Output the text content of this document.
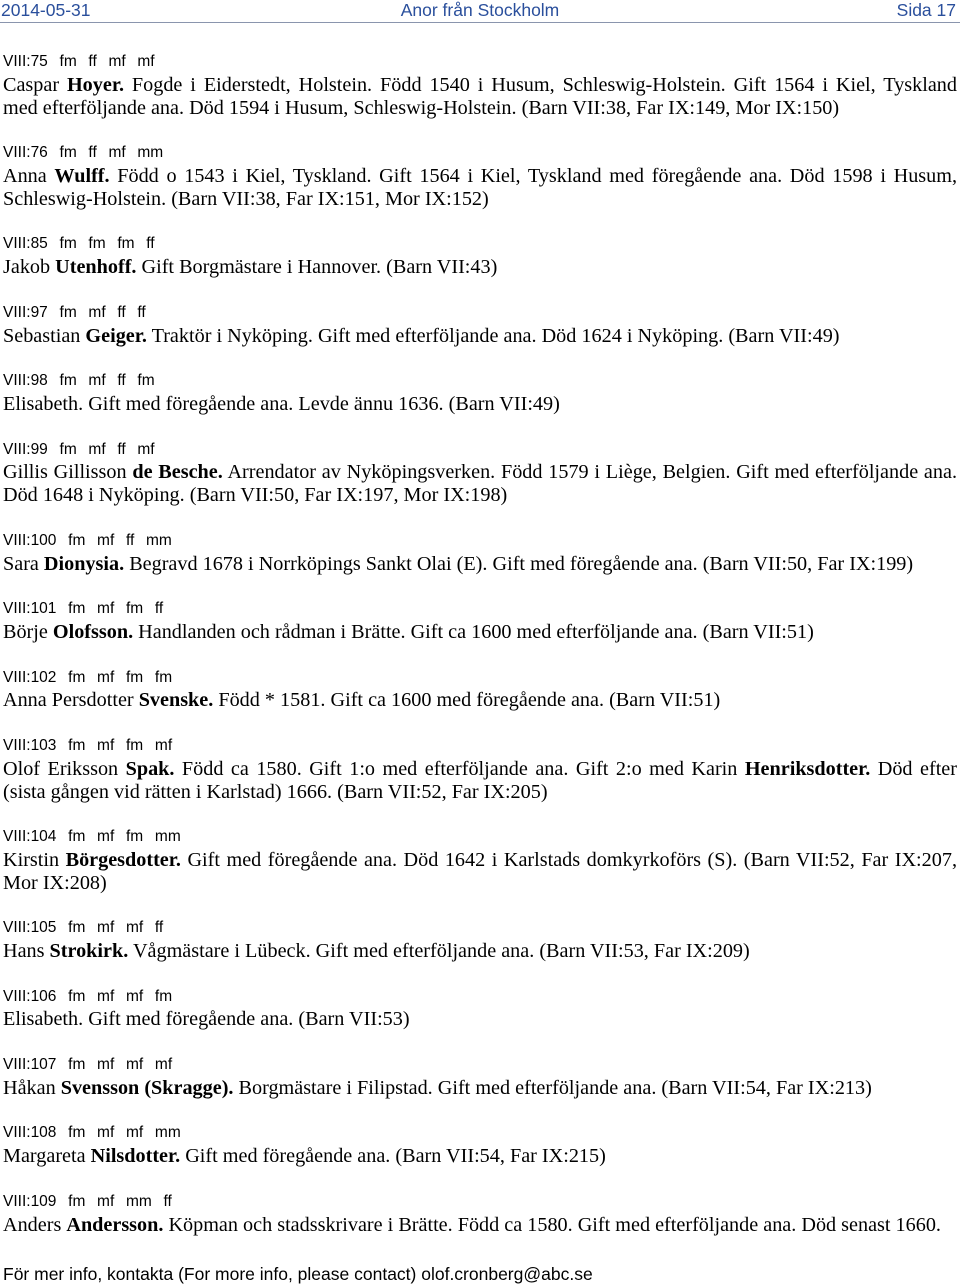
2014-05-31	Anor från Stockholm	Sida 17
VIII:75 fm ff mf mf
Caspar Hoyer. Fogde i Eiderstedt, Holstein. Född 1540 i Husum, Schleswig-Holstein. Gift 1564 i Kiel, Tyskland
med efterföljande ana. Död 1594 i Husum, Schleswig-Holstein. (Barn VII:38, Far IX:149, Mor IX:150)
VIII:76 fm ff mf mm
Anna Wulff. Född o 1543 i Kiel, Tyskland. Gift 1564 i Kiel, Tyskland med föregående ana. Död 1598 i Husum,
Schleswig-Holstein. (Barn VII:38, Far IX:151, Mor IX:152)
VIII:85 fm fm fm ff
Jakob Utenhoff. Gift Borgmästare i Hannover. (Barn VII:43)
VIII:97 fm mf ff ff
Sebastian Geiger. Traktör i Nyköping. Gift med efterföljande ana. Död 1624 i Nyköping. (Barn VII:49)
VIII:98 fm mf ff fm
Elisabeth. Gift med föregående ana. Levde ännu 1636. (Barn VII:49)
VIII:99 fm mf ff mf
Gillis Gillisson de Besche. Arrendator av Nyköpingsverken. Född 1579 i Liège, Belgien. Gift med efterföljande ana.
Död 1648 i Nyköping. (Barn VII:50, Far IX:197, Mor IX:198)
VIII:100 fm mf ff mm
Sara Dionysia. Begravd 1678 i Norrköpings Sankt Olai (E). Gift med föregående ana. (Barn VII:50, Far IX:199)
VIII:101 fm mf fm ff
Börje Olofsson. Handlanden och rådman i Brätte. Gift ca 1600 med efterföljande ana. (Barn VII:51)
VIII:102 fm mf fm fm
Anna Persdotter Svenske. Född * 1581. Gift ca 1600 med föregående ana. (Barn VII:51)
VIII:103 fm mf fm mf
Olof Eriksson Spak. Född ca 1580. Gift 1:o med efterföljande ana. Gift 2:o med Karin Henriksdotter. Död efter
(sista gången vid rätten i Karlstad) 1666. (Barn VII:52, Far IX:205)
VIII:104 fm mf fm mm
Kirstin Börgesdotter. Gift med föregående ana. Död 1642 i Karlstads domkyrkoförs (S). (Barn VII:52, Far IX:207,
Mor IX:208)
VIII:105 fm mf mf ff
Hans Strokirk. Vågmästare i Lübeck. Gift med efterföljande ana. (Barn VII:53, Far IX:209)
VIII:106 fm mf mf fm
Elisabeth. Gift med föregående ana. (Barn VII:53)
VIII:107 fm mf mf mf
Håkan Svensson (Skragge). Borgmästare i Filipstad. Gift med efterföljande ana. (Barn VII:54, Far IX:213)
VIII:108 fm mf mf mm
Margareta Nilsdotter. Gift med föregående ana. (Barn VII:54, Far IX:215)
VIII:109 fm mf mm ff
Anders Andersson. Köpman och stadsskrivare i Brätte. Född ca 1580. Gift med efterföljande ana. Död senast 1660.
För mer info, kontakta (For more info, please contact) olof.cronberg@abc.se
